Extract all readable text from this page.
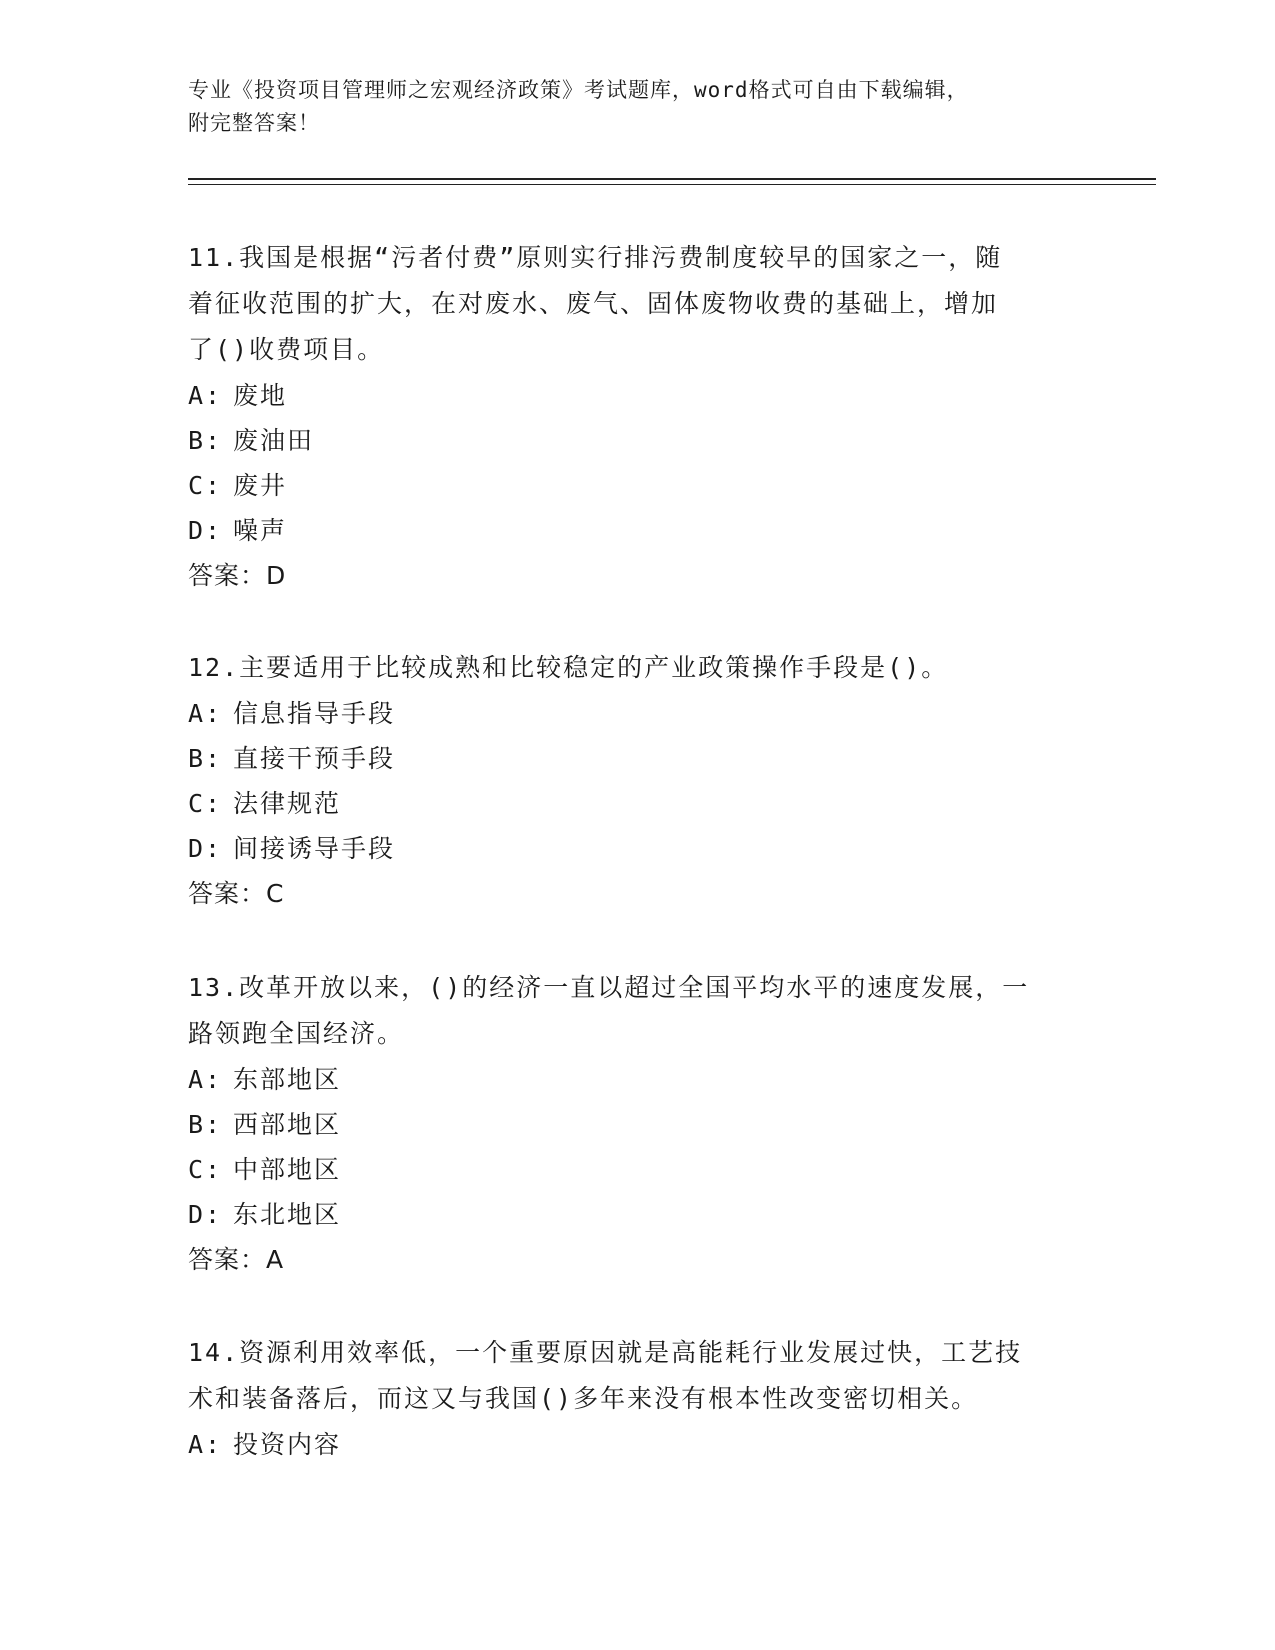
专业《投资项目管理师之宏观经济政策》考试题库，word格式可自由下载编辑，
附完整答案！
11.我国是根据“污者付费”原则实行排污费制度较早的国家之一，随
着征收范围的扩大，在对废水、废气、固体废物收费的基础上，增加
了()收费项目。
A: 废地
B: 废油田
C: 废井
D: 噪声
答案：D
12.主要适用于比较成熟和比较稳定的产业政策操作手段是()。
A: 信息指导手段
B: 直接干预手段
C: 法律规范
D: 间接诱导手段
答案：C
13.改革开放以来，()的经济一直以超过全国平均水平的速度发展，一
路领跑全国经济。
A: 东部地区
B: 西部地区
C: 中部地区
D: 东北地区
答案：A
14.资源利用效率低，一个重要原因就是高能耗行业发展过快，工艺技
术和装备落后，而这又与我国()多年来没有根本性改变密切相关。
A: 投资内容
